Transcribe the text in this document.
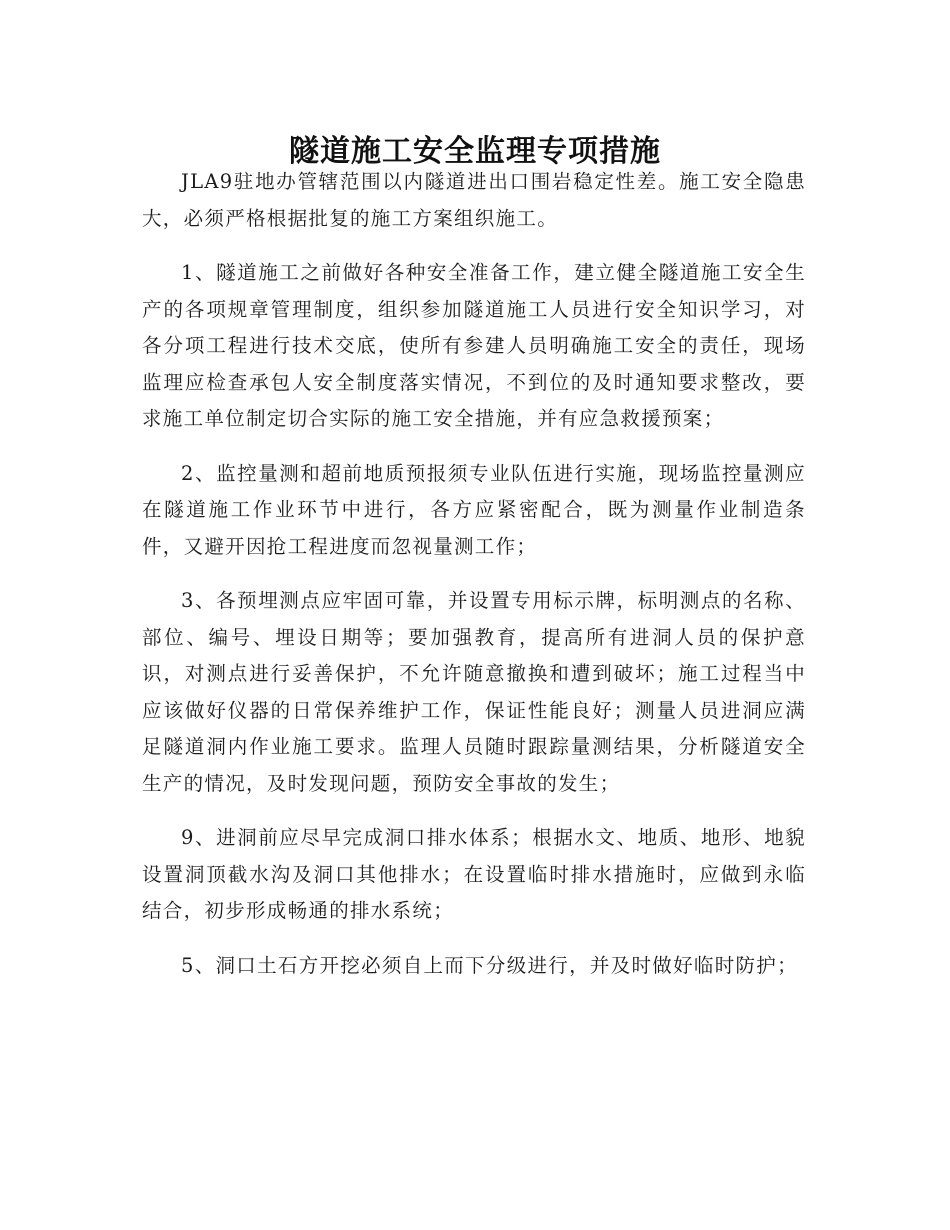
隧道施工安全监理专项措施

JLA9驻地办管辖范围以内隧道进出口围岩稳定性差。施工安全隐患大，必须严格根据批复的施工方案组织施工。

1、隧道施工之前做好各种安全准备工作，建立健全隧道施工安全生产的各项规章管理制度，组织参加隧道施工人员进行安全知识学习，对各分项工程进行技术交底，使所有参建人员明确施工安全的责任，现场监理应检查承包人安全制度落实情况，不到位的及时通知要求整改，要求施工单位制定切合实际的施工安全措施，并有应急救援预案；

2、监控量测和超前地质预报须专业队伍进行实施，现场监控量测应在隧道施工作业环节中进行，各方应紧密配合，既为测量作业制造条件，又避开因抢工程进度而忽视量测工作；

3、各预埋测点应牢固可靠，并设置专用标示牌，标明测点的名称、部位、编号、埋设日期等；要加强教育，提高所有进洞人员的保护意识，对测点进行妥善保护，不允许随意撤换和遭到破坏；施工过程当中应该做好仪器的日常保养维护工作，保证性能良好；测量人员进洞应满足隧道洞内作业施工要求。监理人员随时跟踪量测结果，分析隧道安全生产的情况，及时发现问题，预防安全事故的发生；

9、进洞前应尽早完成洞口排水体系；根据水文、地质、地形、地貌设置洞顶截水沟及洞口其他排水；在设置临时排水措施时，应做到永临结合，初步形成畅通的排水系统；

5、洞口土石方开挖必须自上而下分级进行，并及时做好临时防护；
